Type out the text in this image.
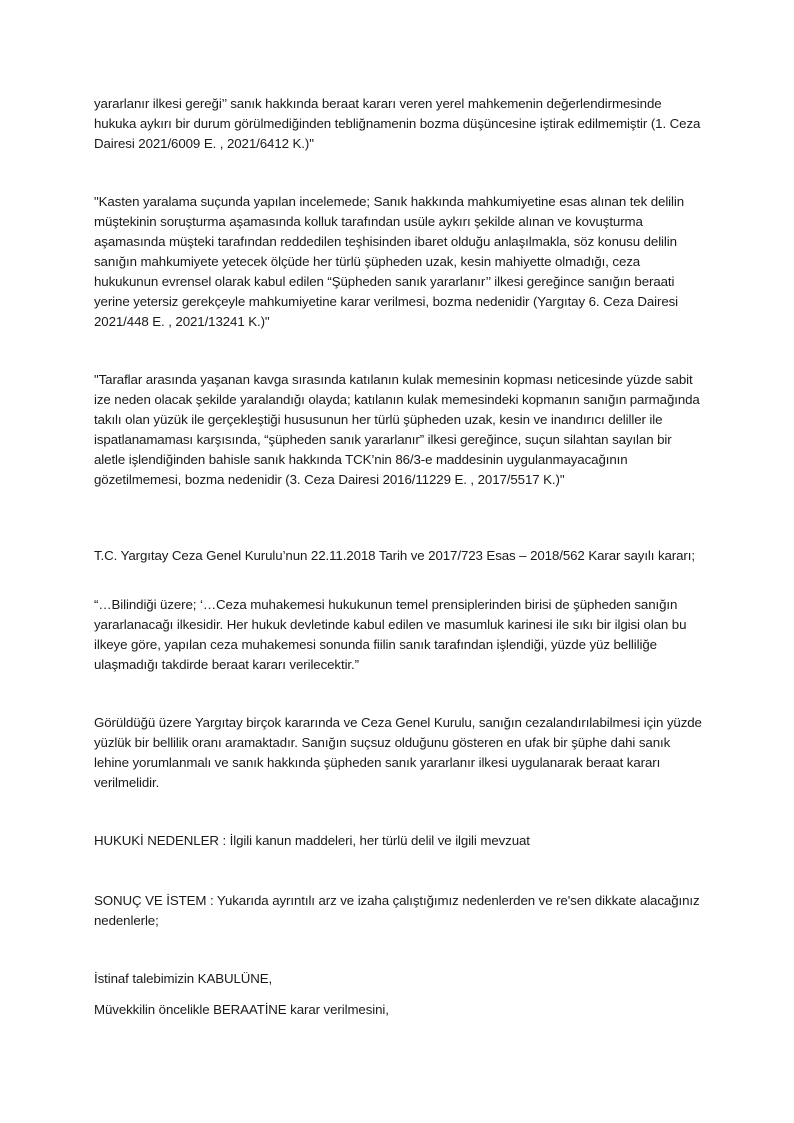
yararlanır ilkesi gereği’’ sanık hakkında beraat kararı veren yerel mahkemenin değerlendirmesinde hukuka aykırı bir durum görülmediğinden tebliğnamenin bozma düşüncesine iştirak edilmemiştir (1. Ceza Dairesi 2021/6009 E. , 2021/6412 K.)"

"Kasten yaralama suçunda yapılan incelemede; Sanık hakkında mahkumiyetine esas alınan tek delilin müştekinin soruşturma aşamasında kolluk tarafından usüle aykırı şekilde alınan ve kovuşturma aşamasında müşteki tarafından reddedilen teşhisinden ibaret olduğu anlaşılmakla, söz konusu delilin sanığın mahkumiyete yetecek ölçüde her türlü şüpheden uzak, kesin mahiyette olmadığı, ceza hukukunun evrensel olarak kabul edilen “Şüpheden sanık yararlanır’’ ilkesi gereğince sanığın beraati yerine yetersiz gerekçeyle mahkumiyetine karar verilmesi, bozma nedenidir (Yargıtay 6. Ceza Dairesi 2021/448 E. , 2021/13241 K.)"

"Taraflar arasında yaşanan kavga sırasında katılanın kulak memesinin kopması neticesinde yüzde sabit ize neden olacak şekilde yaralandığı olayda; katılanın kulak memesindeki kopmanın sanığın parmağında takılı olan yüzük ile gerçekleştiği hususunun her türlü şüpheden uzak, kesin ve inandırıcı deliller ile ispatlanamaması karşısında, “şüpheden sanık yararlanır” ilkesi gereğince, suçun silahtan sayılan bir aletle işlendiğinden bahisle sanık hakkında TCK’nin 86/3-e maddesinin uygulanmayacağının gözetilmemesi, bozma nedenidir (3. Ceza Dairesi 2016/11229 E. , 2017/5517 K.)"

T.C. Yargıtay Ceza Genel Kurulu’nun 22.11.2018 Tarih ve 2017/723 Esas – 2018/562 Karar sayılı kararı;

“…Bilindiği üzere; ‘…Ceza muhakemesi hukukunun temel prensiplerinden birisi de şüpheden sanığın yararlanacağı ilkesidir. Her hukuk devletinde kabul edilen ve masumluk karinesi ile sıkı bir ilgisi olan bu ilkeye göre, yapılan ceza muhakemesi sonunda fiilin sanık tarafından işlendiği, yüzde yüz belliliğe ulaşmadığı takdirde beraat kararı verilecektir.”

Görüldüğü üzere Yargıtay birçok kararında ve Ceza Genel Kurulu, sanığın cezalandırılabilmesi için yüzde yüzlük bir bellilik oranı aramaktadır. Sanığın suçsuz olduğunu gösteren en ufak bir şüphe dahi sanık lehine yorumlanmalı ve sanık hakkında şüpheden sanık yararlanır ilkesi uygulanarak beraat kararı verilmelidir.

HUKUKİ NEDENLER : İlgili kanun maddeleri, her türlü delil ve ilgili mevzuat

SONUÇ VE İSTEM : Yukarıda ayrıntılı arz ve izaha çalıştığımız nedenlerden ve re'sen dikkate alacağınız nedenlerle;

İstinaf talebimizin KABULÜNE,

Müvekkilin öncelikle BERAATİNE karar verilmesini,
